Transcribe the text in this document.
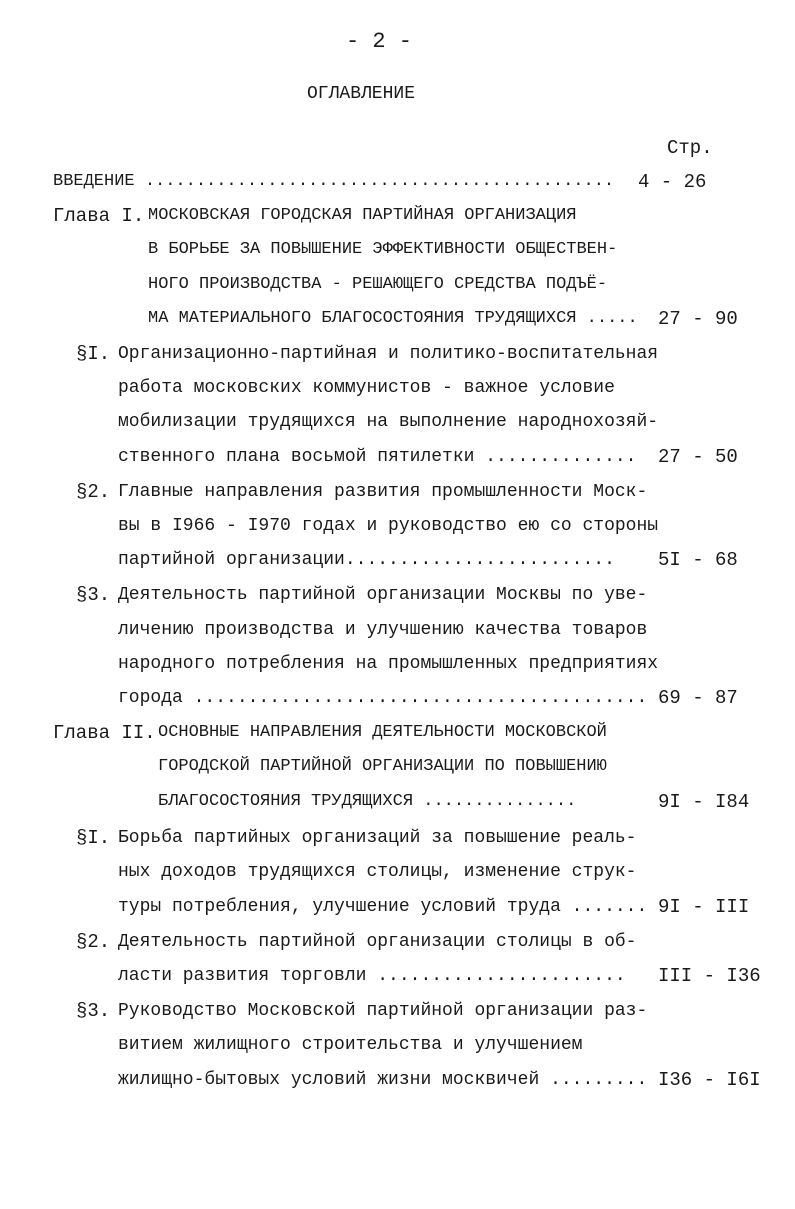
- 2 -
ОГЛАВЛЕНИЕ
Стр.
ВВЕДЕНИЕ .............................................. 4 - 26
Глава I. МОСКОВСКАЯ ГОРОДСКАЯ ПАРТИЙНАЯ ОРГАНИЗАЦИЯ
В БОРЬБЕ ЗА ПОВЫШЕНИЕ ЭФФЕКТИВНОСТИ ОБЩЕСТВЕН-
НОГО ПРОИЗВОДСТВА - РЕШАЮЩЕГО СРЕДСТВА ПОДЪЁ-
МА МАТЕРИАЛЬНОГО БЛАГОСОСТОЯНИЯ ТРУДЯЩИХСЯ ..... 27 - 90
§I. Организационно-партийная и политико-воспитательная
работа московских коммунистов - важное условие
мобилизации трудящихся на выполнение народнохозяй-
ственного плана восьмой пятилетки .............. 27 - 50
§2. Главные направления развития промышленности Моск-
вы в I966 - I970 годах и руководство ею со стороны
партийной организации......................... 5I - 68
§3. Деятельность партийной организации Москвы по уве-
личению производства и улучшению качества товаров
народного потребления на промышленных предприятиях
города .......................................... 69 - 87
Глава II. ОСНОВНЫЕ НАПРАВЛЕНИЯ ДЕЯТЕЛЬНОСТИ МОСКОВСКОЙ
ГОРОДСКОЙ ПАРТИЙНОЙ ОРГАНИЗАЦИИ ПО ПОВЫШЕНИЮ
БЛАГОСОСТОЯНИЯ ТРУДЯЩИХСЯ ...............	9I - I84
§I. Борьба партийных организаций за повышение реаль-
ных доходов трудящихся столицы, изменение струк-
туры потребления, улучшение условий труда ....... 9I - III
§2. Деятельность партийной организации столицы в об-
ласти развития торговли ....................... III - I36
§3. Руководство Московской партийной организации раз-
витием жилищного строительства и улучшением
жилищно-бытовых условий жизни москвичей ......... I36 - I6I
